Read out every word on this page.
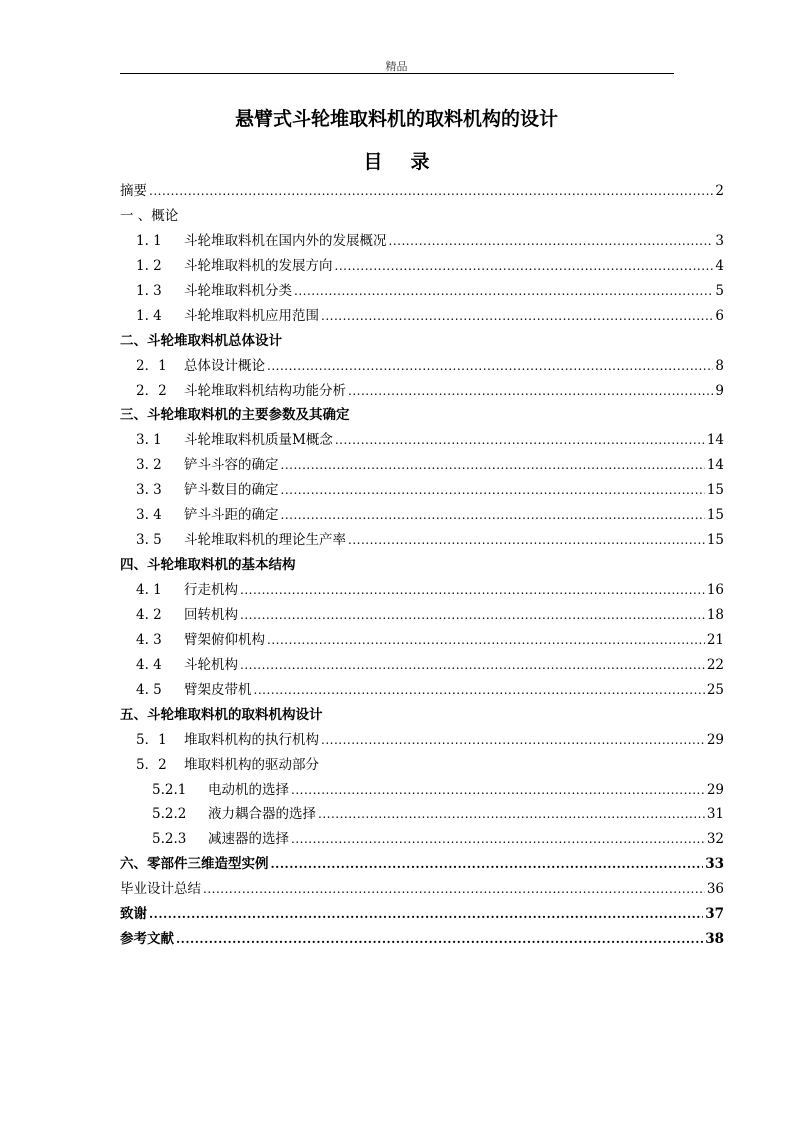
精品
悬臂式斗轮堆取料机的取料机构的设计
目录
摘要 .....	2
一 、概论
1. 1	斗轮堆取料机在国内外的发展概况 .....	3
1. 2	斗轮堆取料机的发展方向 .....	4
1. 3	斗轮堆取料机分类 .....	5
1. 4	斗轮堆取料机应用范围 .....	6
二、斗轮堆取料机总体设计
2．1	总体设计概论 .....	8
2．2	斗轮堆取料机结构功能分析 .....	9
三、斗轮堆取料机的主要参数及其确定
3. 1	斗轮堆取料机质量M概念 .....	14
3. 2	铲斗斗容的确定 .....	14
3. 3	铲斗数目的确定 .....	15
3. 4	铲斗斗距的确定 .....	15
3. 5	斗轮堆取料机的理论生产率 .....	15
四、斗轮堆取料机的基本结构
4. 1	行走机构 .....	16
4. 2	回转机构 .....	18
4. 3	臂架俯仰机构 .....	21
4. 4	斗轮机构 .....	22
4. 5	臂架皮带机 .....	25
五、斗轮堆取料机的取料机构设计
5．1	堆取料机构的执行机构 .....	29
5．2	堆取料机构的驱动部分
5.2.1	电动机的选择 .....	29
5.2.2	液力耦合器的选择 .....	31
5.2.3	减速器的选择 .....	32
六、零部件三维造型实例 .....	33
毕业设计总结 .....	36
致谢 .....	37
参考文献 .....	38
